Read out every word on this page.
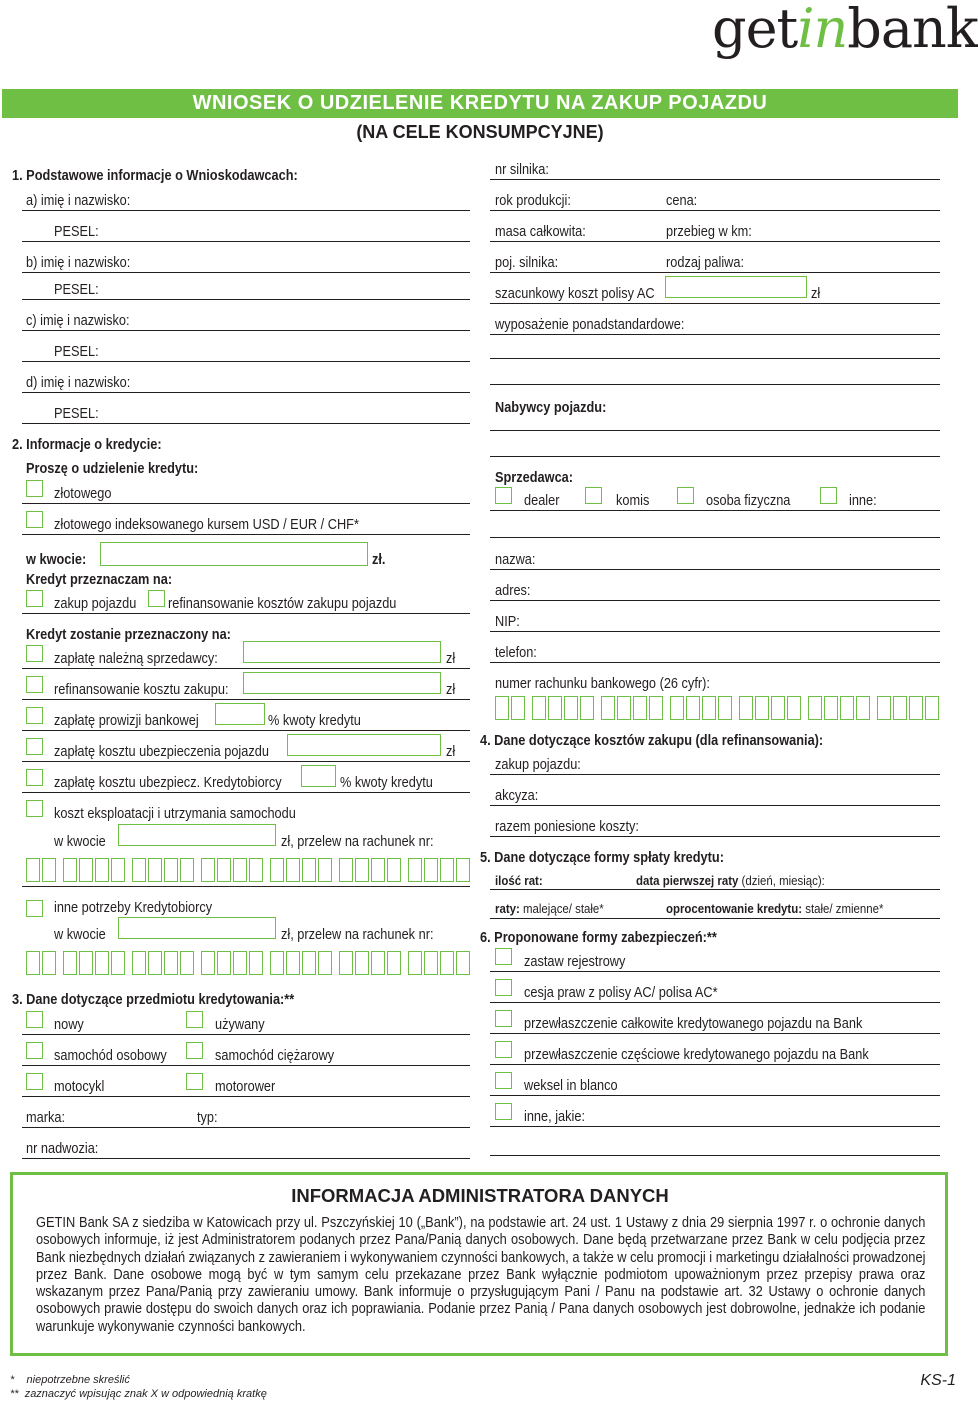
getinbank
WNIOSEK O UDZIELENIE KREDYTU NA ZAKUP POJAZDU
(NA CELE KONSUMPCYJNE)
1. Podstawowe informacje o Wnioskodawcach:
a) imię i nazwisko:
PESEL:
b) imię i nazwisko:
PESEL:
c) imię i nazwisko:
PESEL:
d) imię i nazwisko:
PESEL:
2. Informacje o kredycie:
Proszę o udzielenie kredytu:
złotowego
złotowego indeksowanego kursem USD / EUR / CHF*
w kwocie:	zł.
Kredyt przeznaczam na:
zakup pojazdu refinansowanie kosztów zakupu pojazdu
Kredyt zostanie przeznaczony na:
zapłatę należną sprzedawcy:	zł
refinansowanie kosztu zakupu:	zł
zapłatę prowizji bankowej	% kwoty kredytu
zapłatę kosztu ubezpieczenia pojazdu	zł
zapłatę kosztu ubezpiecz. Kredytobiorcy	% kwoty kredytu
koszt eksploatacji i utrzymania samochodu
w kwocie	zł, przelew na rachunek nr:
inne potrzeby Kredytobiorcy
w kwocie	zł, przelew na rachunek nr:
3. Dane dotyczące przedmiotu kredytowania:**
nowy	używany
samochód osobowy	samochód ciężarowy
motocykl	motorower
marka:	typ:
nr nadwozia:
nr silnika:
rok produkcji:	cena:
masa całkowita:	przebieg w km:
poj. silnika:	rodzaj paliwa:
szacunkowy koszt polisy AC	zł
wyposażenie ponadstandardowe:
Nabywcy pojazdu:
Sprzedawca:
dealer	komis	osoba fizyczna	inne:
nazwa:
adres:
NIP:
telefon:
numer rachunku bankowego (26 cyfr):
4. Dane dotyczące kosztów zakupu (dla refinansowania):
zakup pojazdu:
akcyza:
razem poniesione koszty:
5. Dane dotyczące formy spłaty kredytu:
ilość rat:	data pierwszej raty (dzień, miesiąc):
raty: malejące/ stałe*	oprocentowanie kredytu: stałe/ zmienne*
6. Proponowane formy zabezpieczeń:**
zastaw rejestrowy
cesja praw z polisy AC/ polisa AC*
przewłaszczenie całkowite kredytowanego pojazdu na Bank
przewłaszczenie częściowe kredytowanego pojazdu na Bank
weksel in blanco
inne, jakie:
INFORMACJA ADMINISTRATORA DANYCH
GETIN Bank SA z siedziba w Katowicach przy ul. Pszczyńskiej 10 („Bank”), na podstawie art. 24 ust. 1 Ustawy z dnia 29 sierpnia 1997 r. o ochronie danych osobowych informuje, iż jest Administratorem podanych przez Pana/Panią danych osobowych. Dane będą przetwarzane przez Bank w celu podjęcia przez Bank niezbędnych działań związanych z zawieraniem i wykonywaniem czynności bankowych, a także w celu promocji i marketingu działalności prowadzonej przez Bank. Dane osobowe mogą być w tym samym celu przekazane przez Bank wyłącznie podmiotom upoważnionym przez przepisy prawa oraz wskazanym przez Pana/Panią przy zawieraniu umowy. Bank informuje o przysługującym Pani / Panu na podstawie art. 32 Ustawy o ochronie danych osobowych prawie dostępu do swoich danych oraz ich poprawiania. Podanie przez Panią / Pana danych osobowych jest dobrowolne, jednakże ich podanie warunkuje wykonywanie czynności bankowych.
* niepotrzebne skreślić
** zaznaczyć wpisując znak X w odpowiednią kratkę
KS-1
